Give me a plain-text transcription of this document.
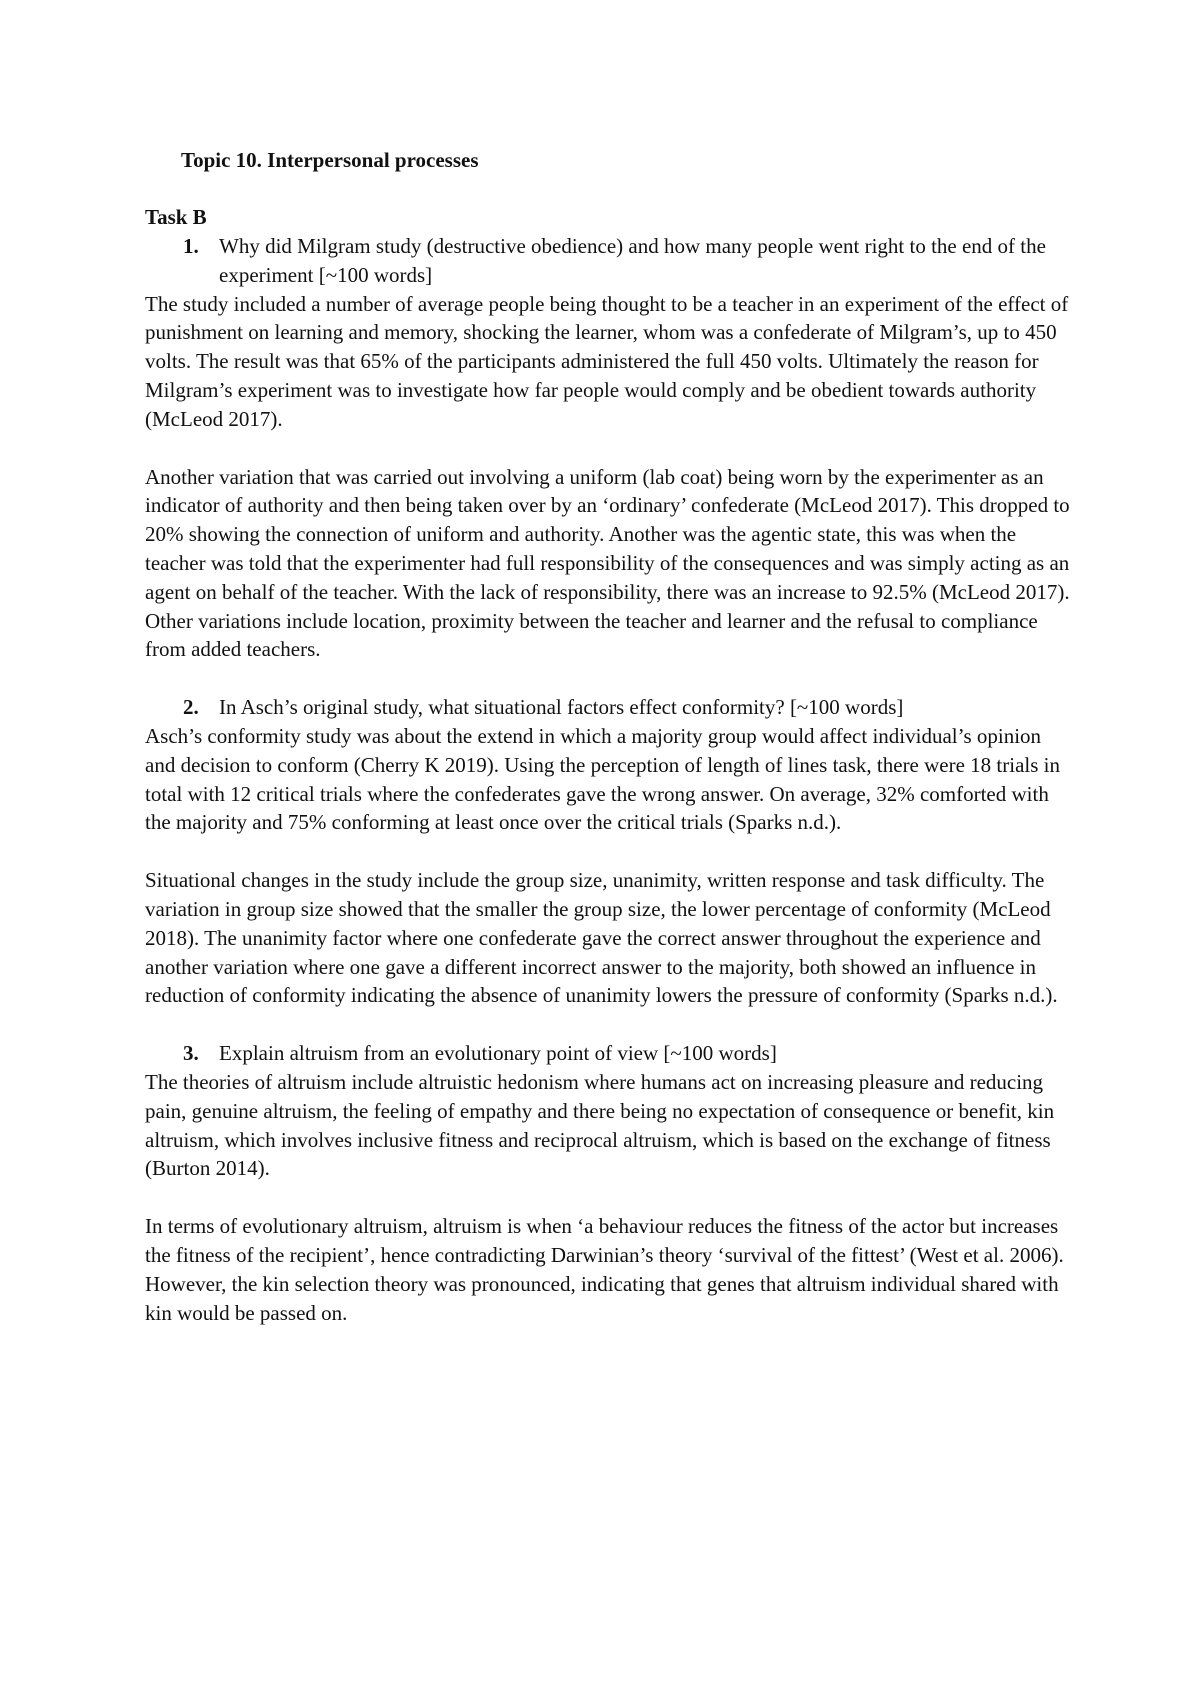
Topic 10. Interpersonal processes

Task B

1. Why did Milgram study (destructive obedience) and how many people went right to the end of the experiment [~100 words]

The study included a number of average people being thought to be a teacher in an experiment of the effect of punishment on learning and memory, shocking the learner, whom was a confederate of Milgram’s, up to 450 volts. The result was that 65% of the participants administered the full 450 volts. Ultimately the reason for Milgram’s experiment was to investigate how far people would comply and be obedient towards authority (McLeod 2017).

Another variation that was carried out involving a uniform (lab coat) being worn by the experimenter as an indicator of authority and then being taken over by an ‘ordinary’ confederate (McLeod 2017). This dropped to 20% showing the connection of uniform and authority. Another was the agentic state, this was when the teacher was told that the experimenter had full responsibility of the consequences and was simply acting as an agent on behalf of the teacher. With the lack of responsibility, there was an increase to 92.5% (McLeod 2017). Other variations include location, proximity between the teacher and learner and the refusal to compliance from added teachers.

2. In Asch’s original study, what situational factors effect conformity? [~100 words]

Asch’s conformity study was about the extend in which a majority group would affect individual’s opinion and decision to conform (Cherry K 2019). Using the perception of length of lines task, there were 18 trials in total with 12 critical trials where the confederates gave the wrong answer. On average, 32% comforted with the majority and 75% conforming at least once over the critical trials (Sparks n.d.).

Situational changes in the study include the group size, unanimity, written response and task difficulty. The variation in group size showed that the smaller the group size, the lower percentage of conformity (McLeod 2018). The unanimity factor where one confederate gave the correct answer throughout the experience and another variation where one gave a different incorrect answer to the majority, both showed an influence in reduction of conformity indicating the absence of unanimity lowers the pressure of conformity (Sparks n.d.).

3. Explain altruism from an evolutionary point of view [~100 words]

The theories of altruism include altruistic hedonism where humans act on increasing pleasure and reducing pain, genuine altruism, the feeling of empathy and there being no expectation of consequence or benefit, kin altruism, which involves inclusive fitness and reciprocal altruism, which is based on the exchange of fitness (Burton 2014).

In terms of evolutionary altruism, altruism is when ‘a behaviour reduces the fitness of the actor but increases the fitness of the recipient’, hence contradicting Darwinian’s theory ‘survival of the fittest’ (West et al. 2006). However, the kin selection theory was pronounced, indicating that genes that altruism individual shared with kin would be passed on.
